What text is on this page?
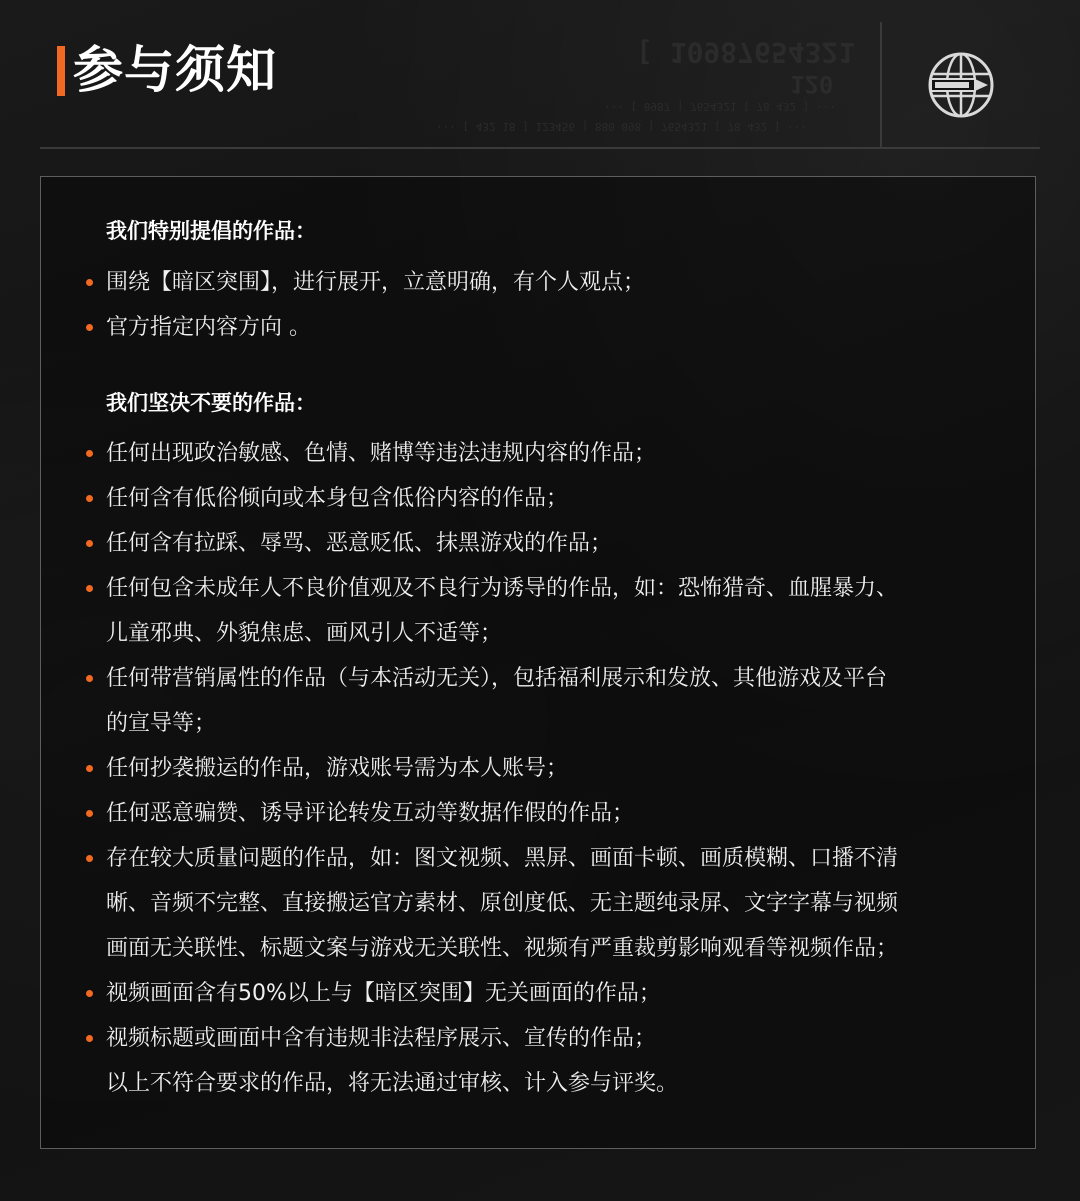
参与须知	[ 10987654321
120
··· [ 0987 | 7654321 [ 78 432 ] ···
··· [ 432 18 ] 123456 | 880 098 | 7654321 [ 78 432 ] ···
我们特别提倡的作品：
围绕【暗区突围】，进行展开，立意明确，有个人观点；
官方指定内容方向 。
我们坚决不要的作品：
任何出现政治敏感、色情、赌博等违法违规内容的作品；
任何含有低俗倾向或本身包含低俗内容的作品；
任何含有拉踩、辱骂、恶意贬低、抹黑游戏的作品；
任何包含未成年人不良价值观及不良行为诱导的作品，如：恐怖猎奇、血腥暴力、
儿童邪典、外貌焦虑、画风引人不适等；
任何带营销属性的作品（与本活动无关），包括福利展示和发放、其他游戏及平台
的宣导等；
任何抄袭搬运的作品，游戏账号需为本人账号；
任何恶意骗赞、诱导评论转发互动等数据作假的作品；
存在较大质量问题的作品，如：图文视频、黑屏、画面卡顿、画质模糊、口播不清
晰、音频不完整、直接搬运官方素材、原创度低、无主题纯录屏、文字字幕与视频
画面无关联性、标题文案与游戏无关联性、视频有严重裁剪影响观看等视频作品；
视频画面含有50%以上与【暗区突围】无关画面的作品；
视频标题或画面中含有违规非法程序展示、宣传的作品；
以上不符合要求的作品，将无法通过审核、计入参与评奖。
